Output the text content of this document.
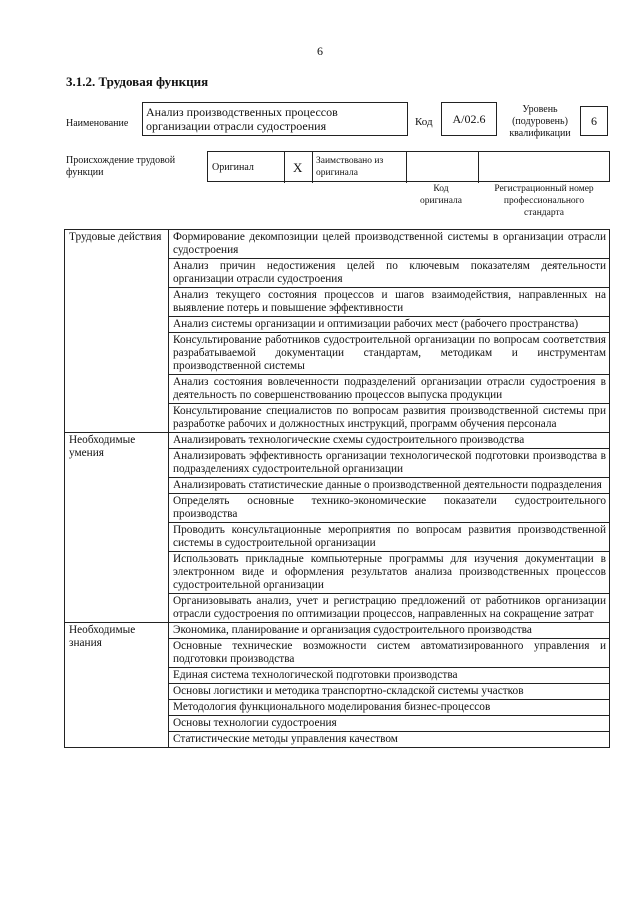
6
3.1.2. Трудовая функция
Наименование
Анализ производственных процессов организации отрасли судостроения	Код	A/02.6
Уровень
(подуровень)
квалификации
6
Происхождение трудовой функции	Оригинал	X Заимствовано из оригинала
Код
оригинала
Регистрационный номер
профессионального
стандарта
Трудовые действия	Формирование декомпозиции целей производственной системы в организации отрасли судостроения
	Анализ причин недостижения целей по ключевым показателям деятельности организации отрасли судостроения
	Анализ текущего состояния процессов и шагов взаимодействия, направленных на выявление потерь и повышение эффективности
	Анализ системы организации и оптимизации рабочих мест (рабочего пространства)
	Консультирование работников судостроительной организации по вопросам соответствия разрабатываемой документации стандартам, методикам и инструментам производственной системы
	Анализ состояния вовлеченности подразделений организации отрасли судостроения в деятельность по совершенствованию процессов выпуска продукции
	Консультирование специалистов по вопросам развития производственной системы при разработке рабочих и должностных инструкций, программ обучения персонала
Необходимые умения	Анализировать технологические схемы судостроительного производства
	Анализировать эффективность организации технологической подготовки производства в подразделениях судостроительной организации
	Анализировать статистические данные о производственной деятельности подразделения
	Определять основные технико-экономические показатели судостроительного производства
	Проводить консультационные мероприятия по вопросам развития производственной системы в судостроительной организации
	Использовать прикладные компьютерные программы для изучения документации в электронном виде и оформления результатов анализа производственных процессов судостроительной организации
	Организовывать анализ, учет и регистрацию предложений от работников организации отрасли судостроения по оптимизации процессов, направленных на сокращение затрат
Необходимые знания	Экономика, планирование и организация судостроительного производства
	Основные технические возможности систем автоматизированного управления и подготовки производства
	Единая система технологической подготовки производства
	Основы логистики и методика транспортно-складской системы участков
	Методология функционального моделирования бизнес-процессов
	Основы технологии судостроения
	Статистические методы управления качеством
